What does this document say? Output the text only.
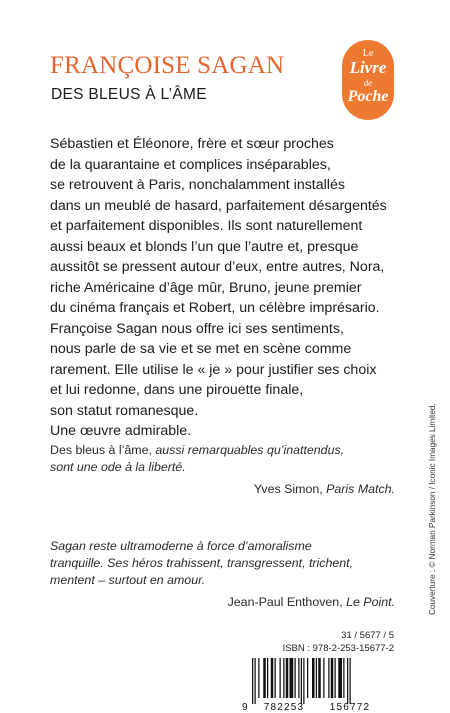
FRANÇOISE SAGAN
DES BLEUS À L’ÂME
Le
Livre
de
Poche
Sébastien et Éléonore, frère et sœur proches
de la quarantaine et complices inséparables,
se retrouvent à Paris, nonchalamment installés
dans un meublé de hasard, parfaitement désargentés
et parfaitement disponibles. Ils sont naturellement
aussi beaux et blonds l’un que l’autre et, presque
aussitôt se pressent autour d’eux, entre autres, Nora,
riche Américaine d’âge mûr, Bruno, jeune premier
du cinéma français et Robert, un célèbre imprésario.
Françoise Sagan nous offre ici ses sentiments,
nous parle de sa vie et se met en scène comme
rarement. Elle utilise le « je » pour justifier ses choix
et lui redonne, dans une pirouette finale,
son statut romanesque.
Une œuvre admirable.
Des bleus à l’âme, aussi remarquables qu’inattendus,
sont une ode à la liberté.
Yves Simon, Paris Match.
Sagan reste ultramoderne à force d’amoralisme
tranquille. Ses héros trahissent, transgressent, trichent,
mentent – surtout en amour.
Jean-Paul Enthoven, Le Point.	Couverture : © Norman Parkinson / Iconic Images Limited.
31 / 5677 / 5
ISBN : 978-2-253-15677-2
9 782253	156772
